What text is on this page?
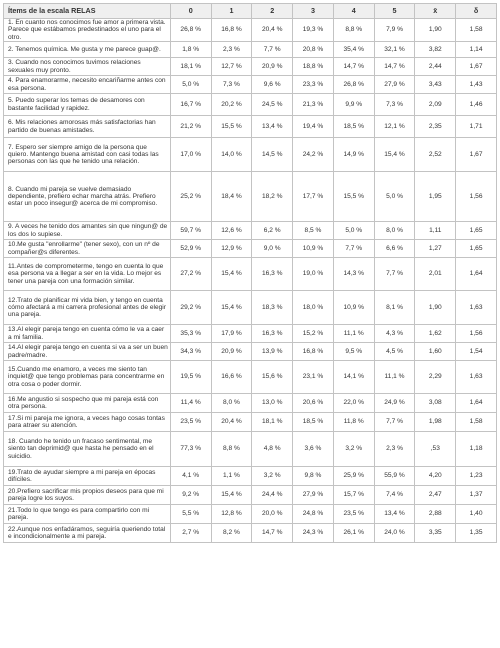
Ítems de la escala RELAS	0	1	2	3	4	5	x̄	δ
1. En cuanto nos conocimos fue amor a primera vista. Parece que estábamos predestinados el uno para el otro.	26,8 %	16,8 %	20,4 %	19,3 %	8,8 %	7,9 %	1,90	1,58
2. Tenemos química. Me gusta y me parece guap@.	1,8 %	2,3 %	7,7 %	20,8 %	35,4 %	32,1 %	3,82	1,14
3. Cuando nos conocimos tuvimos relaciones sexuales muy pronto.	18,1 %	12,7 %	20,9 %	18,8 %	14,7 %	14,7 %	2,44	1,67
4. Para enamorarme, necesito encariñarme antes con esa persona.	5,0 %	7,3 %	9,6 %	23,3 %	26,8 %	27,9 %	3,43	1,43
5. Puedo superar los temas de desamores con bastante facilidad y rapidez.	16,7 %	20,2 %	24,5 %	21,3 %	9,9 %	7,3 %	2,09	1,46
6. Mis relaciones amorosas más satisfactorias han partido de buenas amistades.	21,2 %	15,5 %	13,4 %	19,4 %	18,5 %	12,1 %	2,35	1,71
7. Espero ser siempre amigo de la persona que quiero. Mantengo buena amistad con casi todas las personas con las que he tenido una relación.	17,0 %	14,0 %	14,5 %	24,2 %	14,9 %	15,4 %	2,52	1,67
8. Cuando mi pareja se vuelve demasiado dependiente, prefiero echar marcha atrás. Prefiero estar un poco insegur@ acerca de mi compromiso.	25,2 %	18,4 %	18,2 %	17,7 %	15,5 %	5,0 %	1,95	1,56
9. A veces he tenido dos amantes sin que ningun@ de los dos lo supiese.	59,7 %	12,6 %	6,2 %	8,5 %	5,0 %	8,0 %	1,11	1,65
10.Me gusta "enrollarme" (tener sexo), con un nº de compañer@s diferentes.	52,9 %	12,9 %	9,0 %	10,9 %	7,7 %	6,6 %	1,27	1,65
11.Antes de comprometerme, tengo en cuenta lo que esa persona va a llegar a ser en la vida. Lo mejor es tener una pareja con una formación similar.	27,2 %	15,4 %	16,3 %	19,0 %	14,3 %	7,7 %	2,01	1,64
12.Trato de planificar mi vida bien, y tengo en cuenta cómo afectará a mi carrera profesional antes de elegir una pareja.	29,2 %	15,4 %	18,3 %	18,0 %	10,9 %	8,1 %	1,90	1,63
13.Al elegir pareja tengo en cuenta cómo le va a caer a mi familia.	35,3 %	17,9 %	16,3 %	15,2 %	11,1 %	4,3 %	1,62	1,56
14.Al elegir pareja tengo en cuenta si va a ser un buen padre/madre.	34,3 %	20,9 %	13,9 %	16,8 %	9,5 %	4,5 %	1,60	1,54
15.Cuando me enamoro, a veces me siento tan inquiet@ que tengo problemas para concentrarme en otra cosa o poder dormir.	19,5 %	16,6 %	15,6 %	23,1 %	14,1 %	11,1 %	2,29	1,63
16.Me angustio si sospecho que mi pareja está con otra persona.	11,4 %	8,0 %	13,0 %	20,6 %	22,0 %	24,9 %	3,08	1,64
17.Si mi pareja me ignora, a veces hago cosas tontas para atraer su atención.	23,5 %	20,4 %	18,1 %	18,5 %	11,8 %	7,7 %	1,98	1,58
18. Cuando he tenido un fracaso sentimental, me siento tan deprimid@ que hasta he pensado en el suicidio.	77,3 %	8,8 %	4,8 %	3,6 %	3,2 %	2,3 %	,53	1,18
19.Trato de ayudar siempre a mi pareja en épocas difíciles.	4,1 %	1,1 %	3,2 %	9,8 %	25,9 %	55,9 %	4,20	1,23
20.Prefiero sacrificar mis propios deseos para que mi pareja logre los suyos.	9,2 %	15,4 %	24,4 %	27,9 %	15,7 %	7,4 %	2,47	1,37
21.Todo lo que tengo es para compartirlo con mi pareja.	5,5 %	12,8 %	20,0 %	24,8 %	23,5 %	13,4 %	2,88	1,40
22.Aunque nos enfadáramos, seguiría queriendo total e incondicionalmente a mi pareja.	2,7 %	8,2 %	14,7 %	24,3 %	26,1 %	24,0 %	3,35	1,35
